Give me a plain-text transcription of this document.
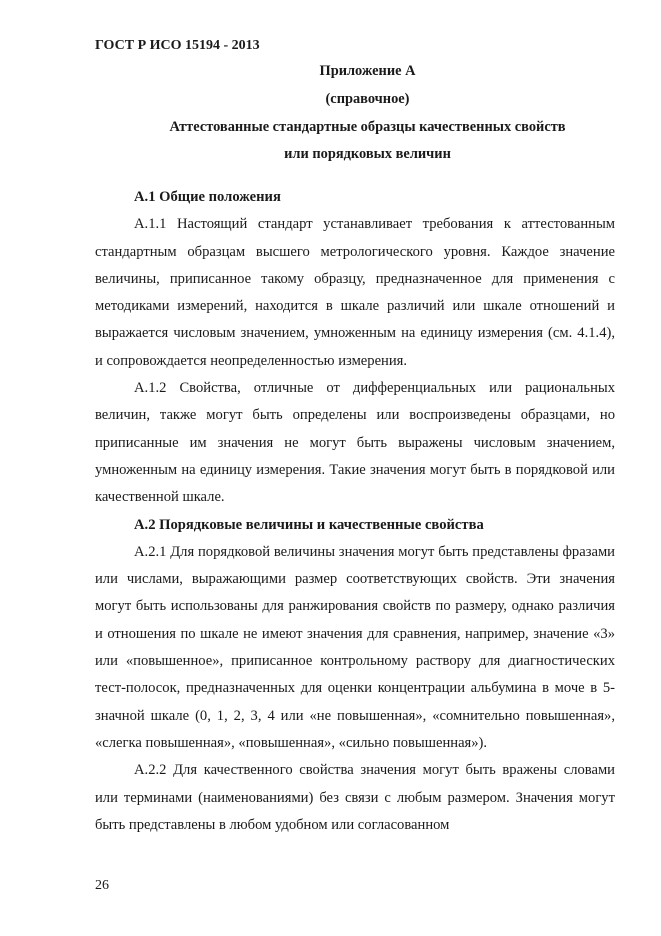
ГОСТ Р ИСО 15194 - 2013

Приложение А

(справочное)

Аттестованные стандартные образцы качественных свойств

или порядковых величин

А.1 Общие положения

А.1.1 Настоящий стандарт устанавливает требования к аттестованным стандартным образцам высшего метрологического уровня. Каждое значение величины, приписанное такому образцу, предназначенное для применения с методиками измерений, находится в шкале различий или шкале отношений и выражается числовым значением, умноженным на единицу измерения (см. 4.1.4), и сопровождается неопределенностью измерения.

А.1.2 Свойства, отличные от дифференциальных или рациональных величин, также могут быть определены или воспроизведены образцами, но приписанные им значения не могут быть выражены числовым значением, умноженным на единицу измерения. Такие значения могут быть в порядковой или качественной шкале.

А.2 Порядковые величины и качественные свойства

А.2.1 Для порядковой величины значения могут быть представлены фразами или числами, выражающими размер соответствующих свойств. Эти значения могут быть использованы для ранжирования свойств по размеру, однако различия и отношения по шкале не имеют значения для сравнения, например, значение «3» или «повышенное», приписанное контрольному раствору для диагностических тест-полосок, предназначенных для оценки концентрации альбумина в моче в 5-значной шкале (0, 1, 2, 3, 4 или «не повышенная», «сомнительно повышенная», «слегка повышенная», «повышенная», «сильно повышенная»).

А.2.2 Для качественного свойства значения могут быть вражены словами или терминами (наименованиями) без связи с любым размером. Значения могут быть представлены в любом удобном или согласованном

26
